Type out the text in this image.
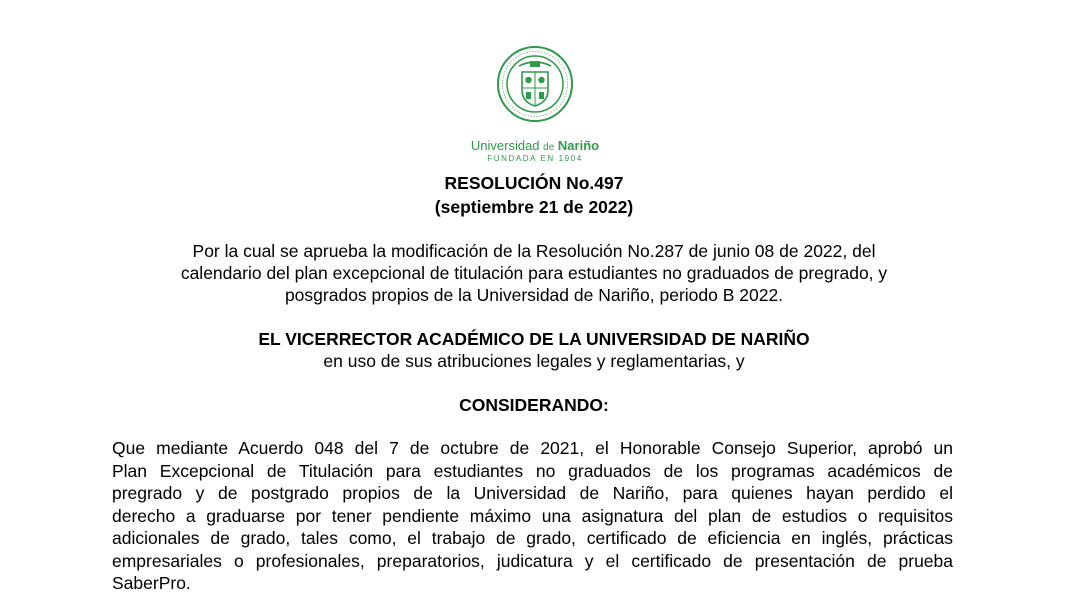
Universidad de Nariño
FUNDADA EN 1904
RESOLUCIÓN No.497
(septiembre 21 de 2022)
Por la cual se aprueba la modificación de la Resolución No.287 de junio 08 de 2022, del
calendario del plan excepcional de titulación para estudiantes no graduados de pregrado, y
posgrados propios de la Universidad de Nariño, periodo B 2022.
EL VICERRECTOR ACADÉMICO DE LA UNIVERSIDAD DE NARIÑO
en uso de sus atribuciones legales y reglamentarias, y
CONSIDERANDO:
Que mediante Acuerdo 048 del 7 de octubre de 2021, el Honorable Consejo Superior, aprobó un
Plan Excepcional de Titulación para estudiantes no graduados de los programas académicos de
pregrado y de postgrado propios de la Universidad de Nariño, para quienes hayan perdido el
derecho a graduarse por tener pendiente máximo una asignatura del plan de estudios o requisitos
adicionales de grado, tales como, el trabajo de grado, certificado de eficiencia en inglés, prácticas
empresariales o profesionales, preparatorios, judicatura y el certificado de presentación de prueba
SaberPro.
